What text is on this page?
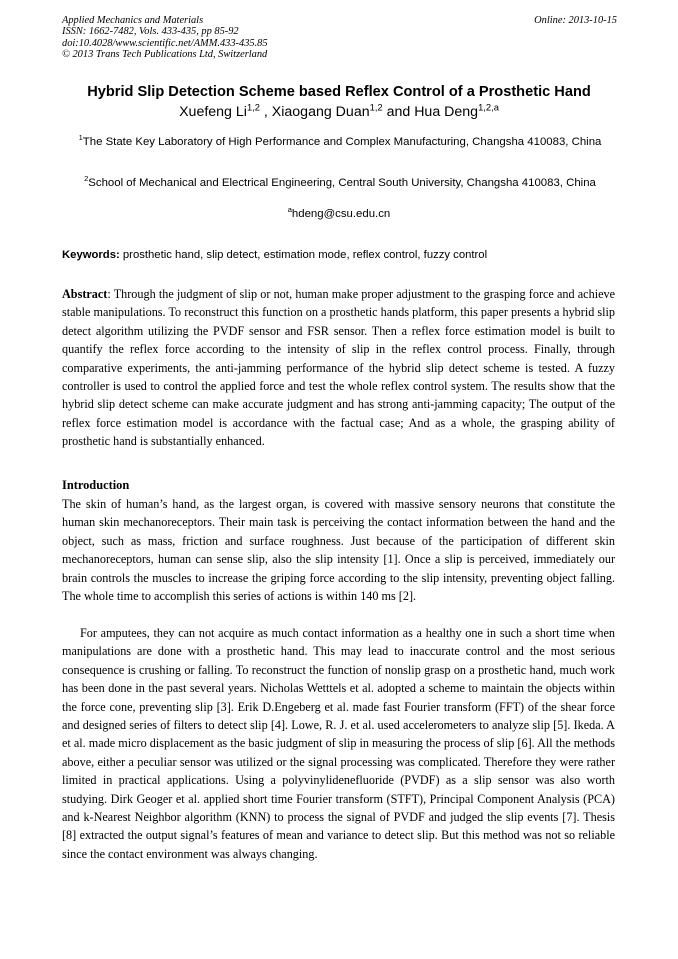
Applied Mechanics and Materials
ISSN: 1662-7482, Vols. 433-435, pp 85-92
doi:10.4028/www.scientific.net/AMM.433-435.85
© 2013 Trans Tech Publications Ltd, Switzerland
Online: 2013-10-15
Hybrid Slip Detection Scheme based Reflex Control of a Prosthetic Hand
Xuefeng Li$^{1,2}$ , Xiaogang Duan$^{1,2}$ and Hua Deng$^{1,2,a}$
$^1$The State Key Laboratory of High Performance and Complex Manufacturing, Changsha 410083, China
$^2$School of Mechanical and Electrical Engineering, Central South University, Changsha 410083, China
$^a$hdeng@csu.edu.cn
Keywords: prosthetic hand, slip detect, estimation mode, reflex control, fuzzy control
Abstract: Through the judgment of slip or not, human make proper adjustment to the grasping force and achieve stable manipulations. To reconstruct this function on a prosthetic hands platform, this paper presents a hybrid slip detect algorithm utilizing the PVDF sensor and FSR sensor. Then a reflex force estimation model is built to quantify the reflex force according to the intensity of slip in the reflex control process. Finally, through comparative experiments, the anti-jamming performance of the hybrid slip detect scheme is tested. A fuzzy controller is used to control the applied force and test the whole reflex control system. The results show that the hybrid slip detect scheme can make accurate judgment and has strong anti-jamming capacity; The output of the reflex force estimation model is accordance with the factual case; And as a whole, the grasping ability of prosthetic hand is substantially enhanced.
Introduction
The skin of human’s hand, as the largest organ, is covered with massive sensory neurons that constitute the human skin mechanoreceptors. Their main task is perceiving the contact information between the hand and the object, such as mass, friction and surface roughness. Just because of the participation of different skin mechanoreceptors, human can sense slip, also the slip intensity [1]. Once a slip is perceived, immediately our brain controls the muscles to increase the griping force according to the slip intensity, preventing object falling. The whole time to accomplish this series of actions is within 140 ms [2].
For amputees, they can not acquire as much contact information as a healthy one in such a short time when manipulations are done with a prosthetic hand. This may lead to inaccurate control and the most serious consequence is crushing or falling. To reconstruct the function of nonslip grasp on a prosthetic hand, much work has been done in the past several years. Nicholas Wetttels et al. adopted a scheme to maintain the objects within the force cone, preventing slip [3]. Erik D.Engeberg et al. made fast Fourier transform (FFT) of the shear force and designed series of filters to detect slip [4]. Lowe, R. J. et al. used accelerometers to analyze slip [5]. Ikeda. A et al. made micro displacement as the basic judgment of slip in measuring the process of slip [6]. All the methods above, either a peculiar sensor was utilized or the signal processing was complicated. Therefore they were rather limited in practical applications. Using a polyvinylidenefluoride (PVDF) as a slip sensor was also worth studying. Dirk Geoger et al. applied short time Fourier transform (STFT), Principal Component Analysis (PCA) and k-Nearest Neighbor algorithm (KNN) to process the signal of PVDF and judged the slip events [7]. Thesis [8] extracted the output signal’s features of mean and variance to detect slip. But this method was not so reliable since the contact environment was always changing.
